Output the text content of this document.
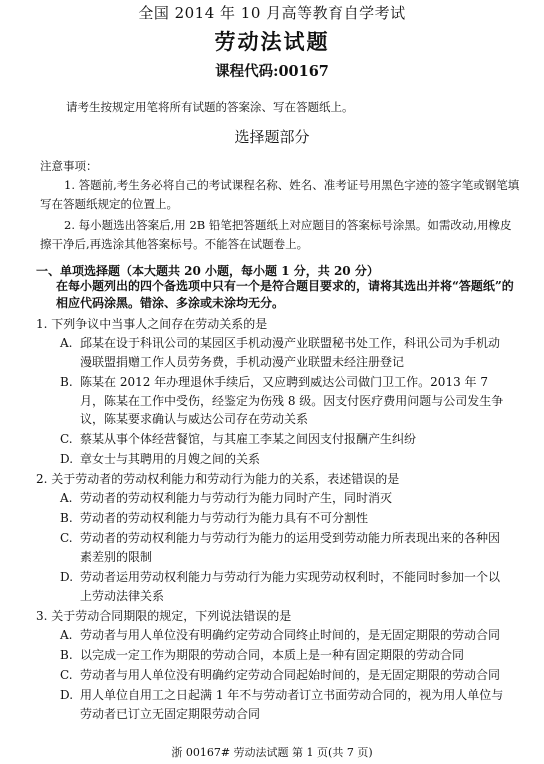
全国 2014 年 10 月高等教育自学考试
劳动法试题
课程代码:00167
请考生按规定用笔将所有试题的答案涂、写在答题纸上。
选择题部分
注意事项：
1. 答题前,考生务必将自己的考试课程名称、姓名、准考证号用黑色字迹的签字笔或钢笔填写在答题纸规定的位置上。
2. 每小题选出答案后,用 2B 铅笔把答题纸上对应题目的答案标号涂黑。如需改动,用橡皮擦干净后,再选涂其他答案标号。不能答在试题卷上。
一、单项选择题（本大题共 20 小题，每小题 1 分，共 20 分）
在每小题列出的四个备选项中只有一个是符合题目要求的，请将其选出并将“答题纸”的相应代码涂黑。错涂、多涂或未涂均无分。
1. 下列争议中当事人之间存在劳动关系的是
A. 邱某在设于科讯公司的某园区手机动漫产业联盟秘书处工作，科讯公司为手机动漫联盟捐赠工作人员劳务费，手机动漫产业联盟未经注册登记
B. 陈某在 2012 年办理退休手续后，又应聘到威达公司做门卫工作。2013 年 7 月，陈某在工作中受伤，经鉴定为伤残 8 级。因支付医疗费用问题与公司发生争议，陈某要求确认与威达公司存在劳动关系
C. 蔡某从事个体经营餐馆，与其雇工李某之间因支付报酬产生纠纷
D. 章女士与其聘用的月嫂之间的关系
2. 关于劳动者的劳动权利能力和劳动行为能力的关系，表述错误的是
A. 劳动者的劳动权利能力与劳动行为能力同时产生，同时消灭
B. 劳动者的劳动权利能力与劳动行为能力具有不可分割性
C. 劳动者的劳动权利能力与劳动行为能力的运用受到劳动能力所表现出来的各种因素差别的限制
D. 劳动者运用劳动权利能力与劳动行为能力实现劳动权利时，不能同时参加一个以上劳动法律关系
3. 关于劳动合同期限的规定，下列说法错误的是
A. 劳动者与用人单位没有明确约定劳动合同终止时间的，是无固定期限的劳动合同
B. 以完成一定工作为期限的劳动合同，本质上是一种有固定期限的劳动合同
C. 劳动者与用人单位没有明确约定劳动合同起始时间的，是无固定期限的劳动合同
D. 用人单位自用工之日起满 1 年不与劳动者订立书面劳动合同的，视为用人单位与劳动者已订立无固定期限劳动合同
浙 00167# 劳动法试题 第 1 页(共 7 页)
